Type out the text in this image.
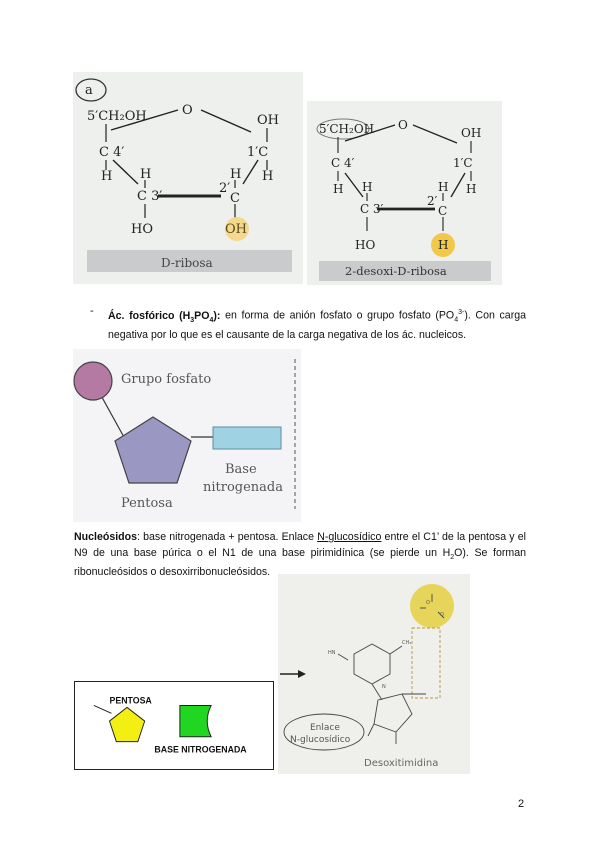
a
5′CH₂OH	O
OH
C 4′	1′C
H	H
H	H
C 3′
2′
C
HO	OH
D-ribosa
5′CH₂OH O
OH
C 4′	1′C
H	H
H	H
C 3′
2′
C
HO	H
2-desoxi-D-ribosa
- Ác. fosfórico $(H_3PO_4)$: en forma de anión fosfato o grupo fosfato $(PO_4^{3-})$. Con carga negativa por lo que es el causante de la carga negativa de los ác. nucleicos.

Grupo fosfato
Base
nitrogenada
Pentosa

Nucleósidos: base nitrogenada + pentosa. Enlace N-glucosídico entre el C1’ de la pentosa y el N9 de una base púrica o el N1 de una base pirimidínica (se pierde un $H_2O$). Se forman ribonucleósidos o desoxirribonucleósidos.

PENTOSA
BASE NITROGENADA
O
O
HN
CH₃
N
Enlace
N-glucosídico
Desoxitimidina
2
